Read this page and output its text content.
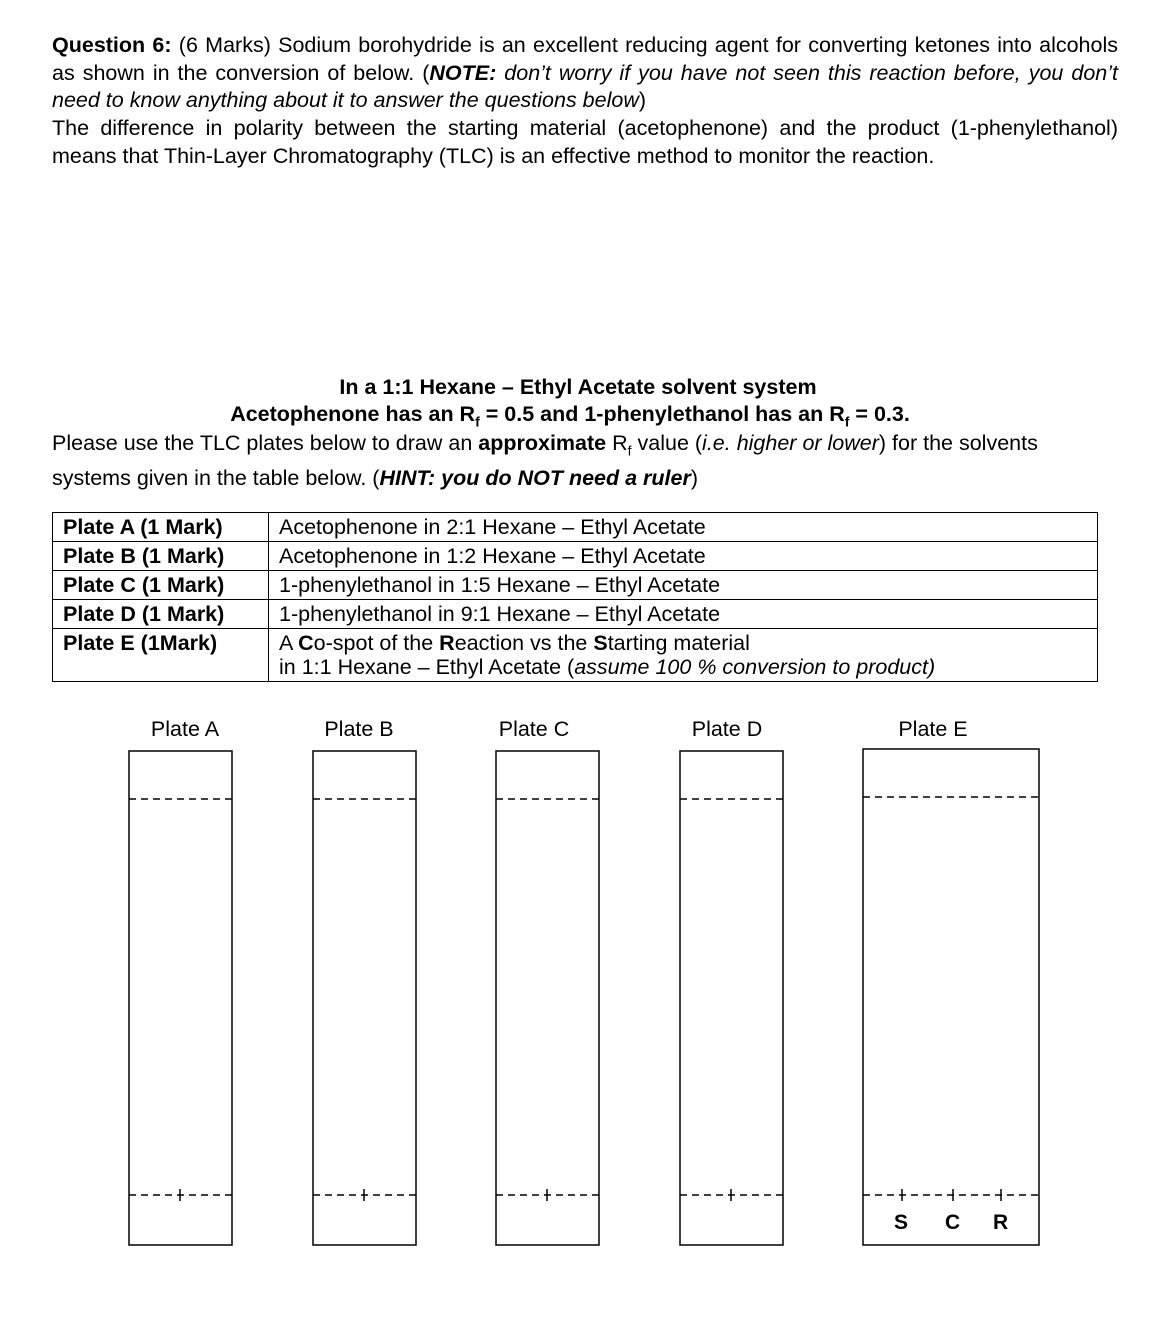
Question 6: (6 Marks) Sodium borohydride is an excellent reducing agent for converting ketones into alcohols as shown in the conversion of below. (NOTE: don’t worry if you have not seen this reaction before, you don’t need to know anything about it to answer the questions below)
The difference in polarity between the starting material (acetophenone) and the product (1-phenylethanol) means that Thin-Layer Chromatography (TLC) is an effective method to monitor the reaction.
In a 1:1 Hexane – Ethyl Acetate solvent system
Acetophenone has an $R_f = 0.5$ and 1-phenylethanol has an $R_f = 0.3$.
Please use the TLC plates below to draw an approximate $R_f$ value (i.e. higher or lower) for the solvents systems given in the table below. (HINT: you do NOT need a ruler)
Plate A (1 Mark)	Acetophenone in 2:1 Hexane – Ethyl Acetate
Plate B (1 Mark)	Acetophenone in 1:2 Hexane – Ethyl Acetate
Plate C (1 Mark)	1-phenylethanol in 1:5 Hexane – Ethyl Acetate
Plate D (1 Mark)	1-phenylethanol in 9:1 Hexane – Ethyl Acetate
Plate E (1Mark)	A Co-spot of the Reaction vs the Starting material
in 1:1 Hexane – Ethyl Acetate (assume 100 % conversion to product)
Plate A	Plate B	Plate C	Plate D	Plate E
S C R
